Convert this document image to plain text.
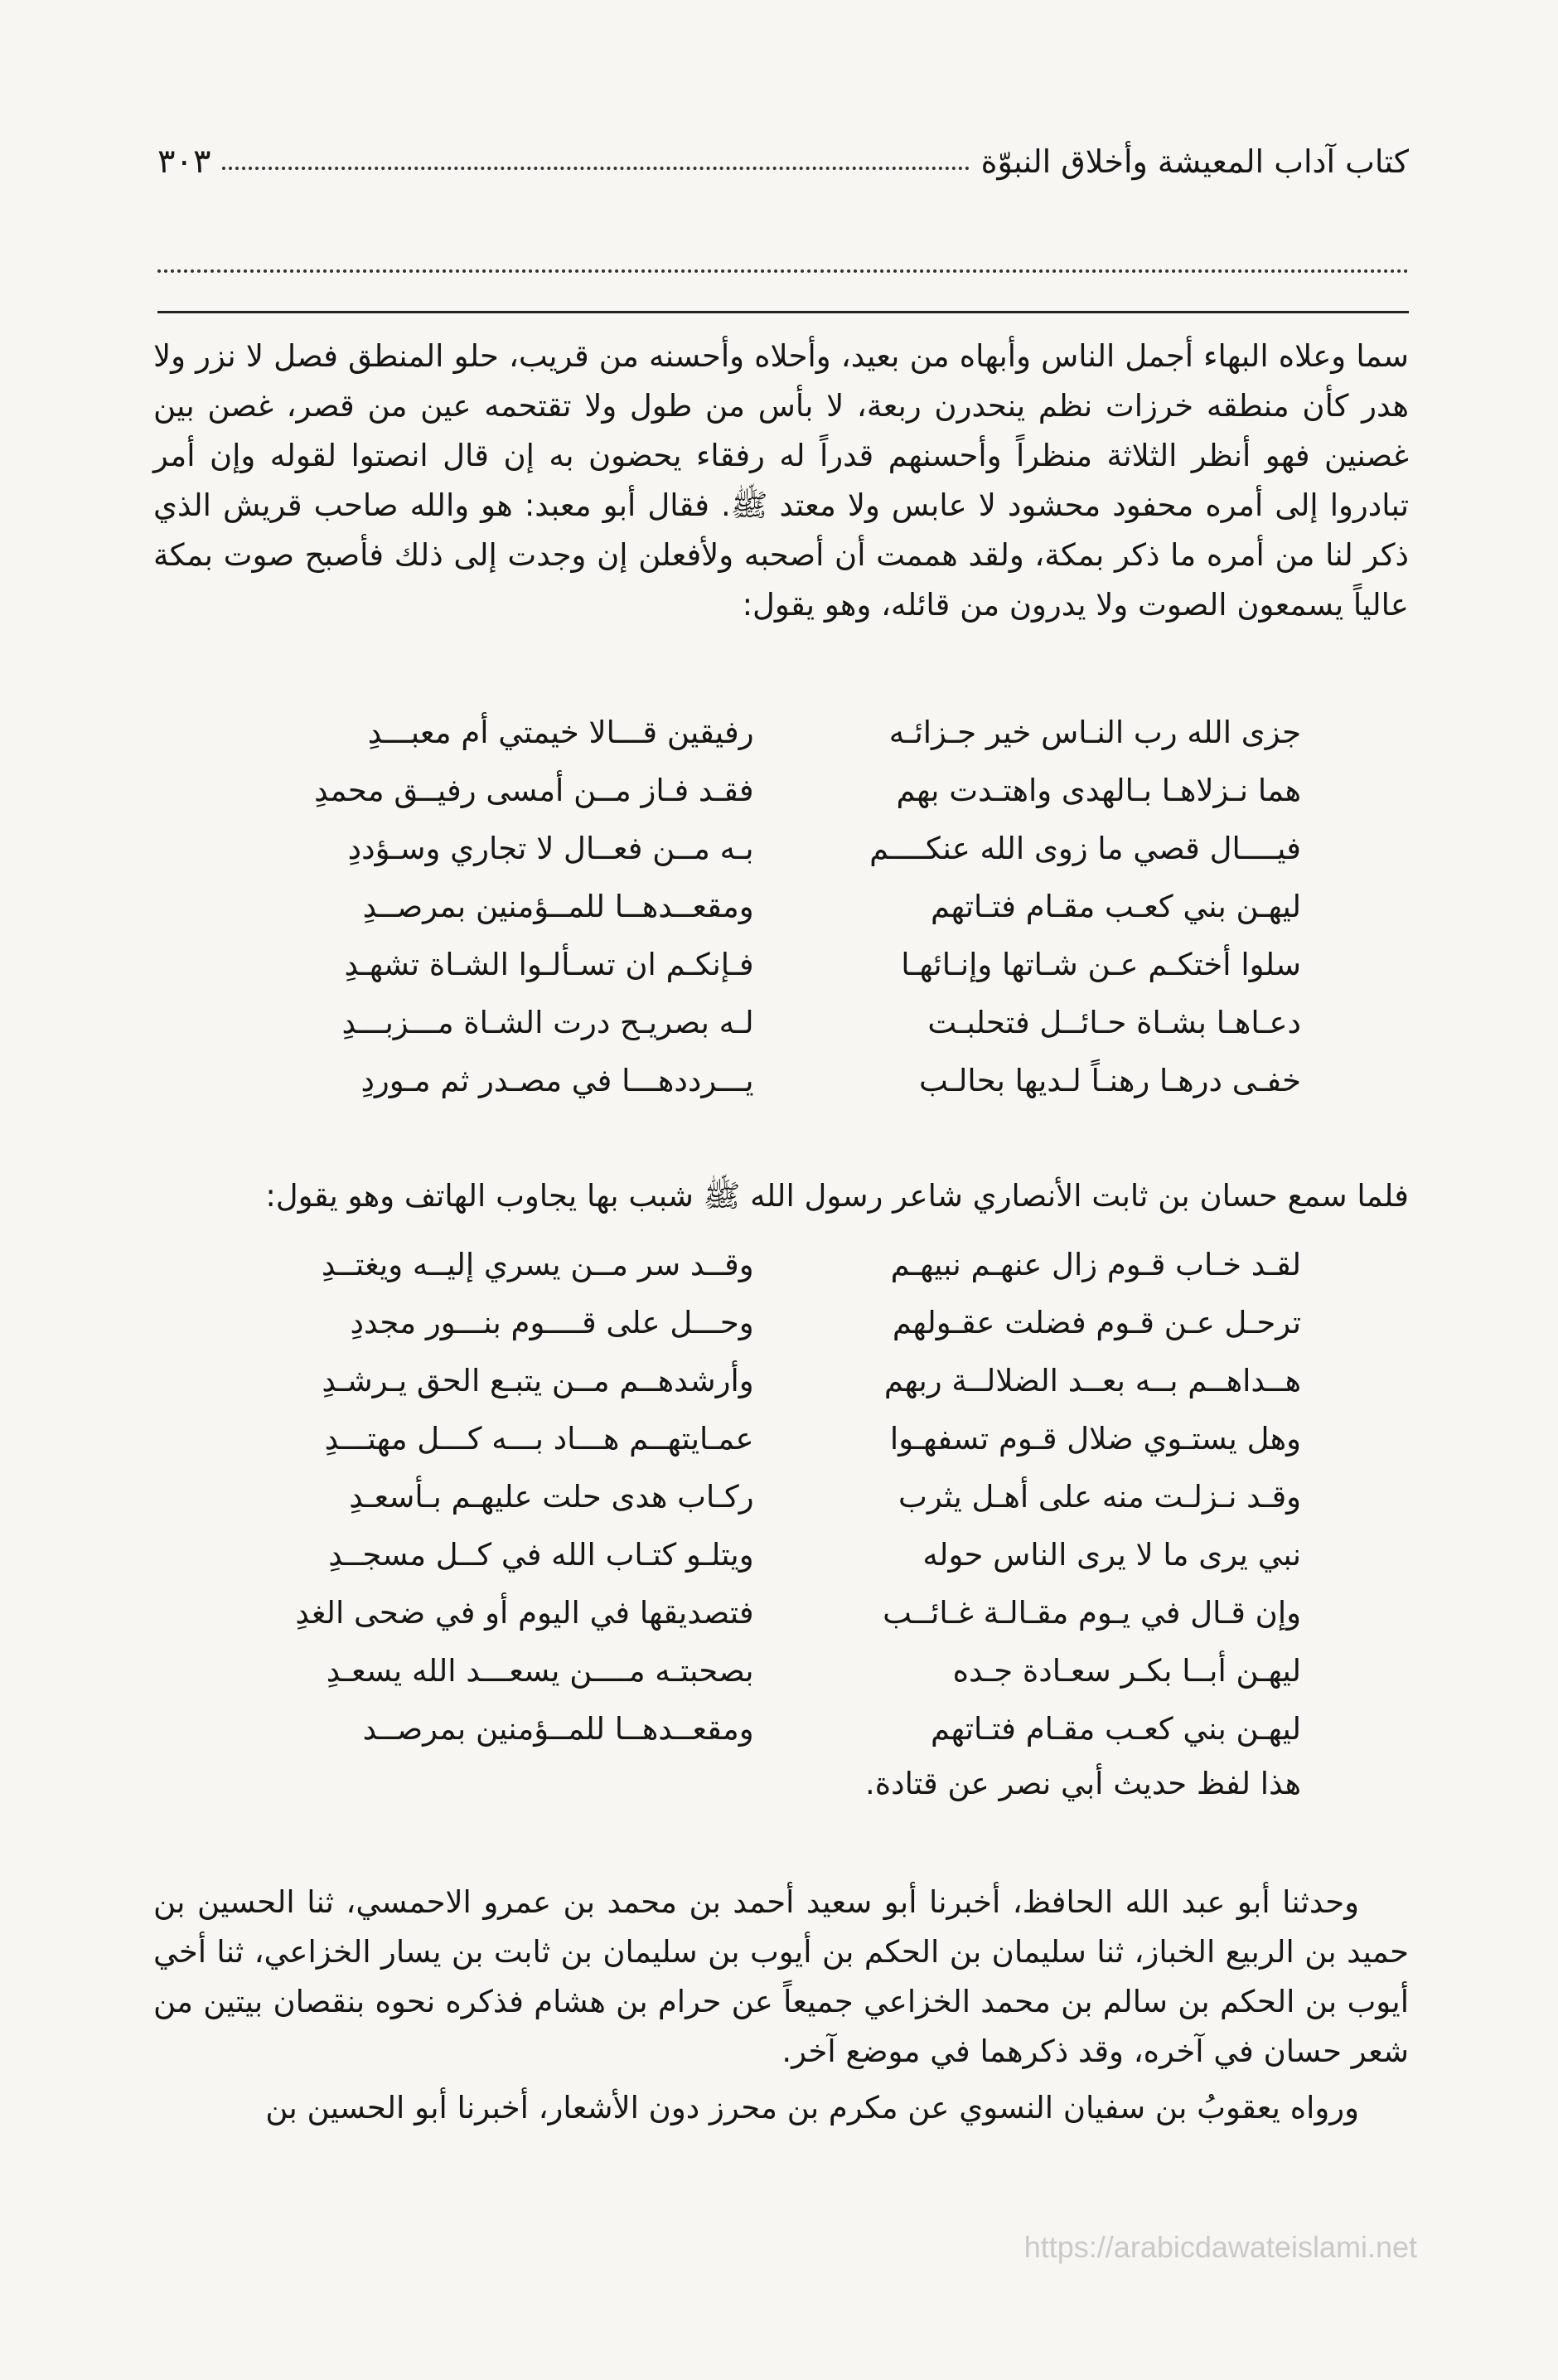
كتاب آداب المعيشة وأخلاق النبوّة
٣٠٣

سما وعلاه البهاء أجمل الناس وأبهاه من بعيد، وأحلاه وأحسنه من قريب، حلو المنطق فصل لا نزر ولا هدر كأن منطقه خرزات نظم ينحدرن ربعة، لا بأس من طول ولا تقتحمه عين من قصر، غصن بين غصنين فهو أنظر الثلاثة منظراً وأحسنهم قدراً له رفقاء يحضون به إن قال انصتوا لقوله وإن أمر تبادروا إلى أمره محفود محشود لا عابس ولا معتد ﷺ. فقال أبو معبد: هو والله صاحب قريش الذي ذكر لنا من أمره ما ذكر بمكة، ولقد هممت أن أصحبه ولأفعلن إن وجدت إلى ذلك فأصبح صوت بمكة عالياً يسمعون الصوت ولا يدرون من قائله، وهو يقول:

جزى الله رب النـاس خير جـزائـه
رفيقين قـــالا خيمتي أم معبـــدِ
هما نـزلاهـا بـالهدى واهتـدت بهم
فقـد فـاز مــن أمسى رفيــق محمدِ
فيــــال قصي ما زوى الله عنكــــم
بـه مــن فعــال لا تجاري وسـؤددِ
ليهـن بني كعـب مقـام فتـاتهم
ومقعــدهــا للمــؤمنين بمرصــدِ
سلوا أختكـم عـن شـاتها وإنـائهـا
فـإنكـم ان تسـألـوا الشـاة تشهـدِ
دعـاهـا بشـاة حـائــل فتحلبـت
لـه بصريـح درت الشـاة مـــزبـــدِ
خفـى درهـا رهنـاً لـديها بحالـب
يـــرددهـــا في مصـدر ثم مـوردِ
فلما سمع حسان بن ثابت الأنصاري شاعر رسول الله ﷺ شبب بها يجاوب الهاتف وهو يقول:
لقـد خـاب قـوم زال عنهـم نبيهـم
وقــد سر مــن يسري إليــه ويغتــدِ
ترحـل عـن قـوم فضلت عقـولهم
وحـــل على قــــوم بنـــور مجددِ
هــداهــم بــه بعــد الضلالــة ربهم
وأرشدهــم مــن يتبـع الحق يـرشـدِ
وهل يستـوي ضلال قـوم تسفهـوا
عمـايتهــم هـــاد بـــه كـــل مهتـــدِ
وقـد نـزلـت منه على أهـل يثرب
ركـاب هدى حلت عليهـم بـأسعـدِ
نبي يرى ما لا يرى الناس حوله
ويتلـو كتـاب الله في كــل مسجــدِ
وإن قـال في يـوم مقـالـة غـائــب
فتصديقها في اليوم أو في ضحى الغدِ
ليهـن أبــا بكـر سعـادة جـده
بصحبتـه مــــن يسعـــد الله يسعـدِ
ليهـن بني كعـب مقـام فتـاتهم
ومقعــدهــا للمــؤمنين بمرصــد
هذا لفظ حديث أبي نصر عن قتادة.

وحدثنا أبو عبد الله الحافظ، أخبرنا أبو سعيد أحمد بن محمد بن عمرو الاحمسي، ثنا الحسين بن حميد بن الربيع الخباز، ثنا سليمان بن الحكم بن أيوب بن سليمان بن ثابت بن يسار الخزاعي، ثنا أخي أيوب بن الحكم بن سالم بن محمد الخزاعي جميعاً عن حرام بن هشام فذكره نحوه بنقصان بيتين من شعر حسان في آخره، وقد ذكرهما في موضع آخر.

ورواه يعقوبُ بن سفيان النسوي عن مكرم بن محرز دون الأشعار، أخبرنا أبو الحسين بن

https://arabicdawateislami.net
